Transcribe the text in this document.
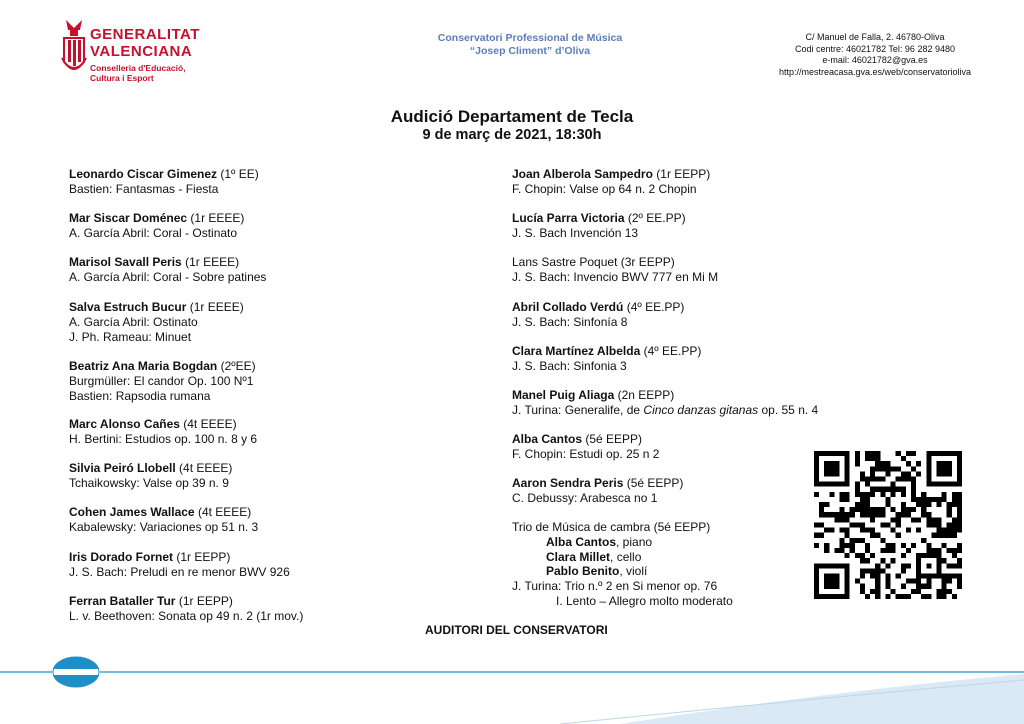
GENERALITAT
VALENCIANA
Conselleria d'Educació,
Cultura i Esport
Conservatori Professional de Música
“Josep Climent” d’Oliva
C/ Manuel de Falla, 2. 46780-Oliva
Codi centre: 46021782 Tel: 96 282 9480
e-mail: 46021782@gva.es
http://mestreacasa.gva.es/web/conservatorioliva
Audició Departament de Tecla
9 de març de 2021, 18:30h
Leonardo Ciscar Gimenez (1º EE)
Bastien: Fantasmas - Fiesta
Mar Siscar Doménec (1r EEEE)
A. García Abril: Coral - Ostinato
Marisol Savall Peris (1r EEEE)
A. García Abril: Coral - Sobre patines
Salva Estruch Bucur (1r EEEE)
A. García Abril: Ostinato
J. Ph. Rameau: Minuet
Beatriz Ana Maria Bogdan (2ºEE)
Burgmüller: El candor Op. 100 Nº1
Bastien: Rapsodia rumana
Marc Alonso Cañes (4t EEEE)
H. Bertini: Estudios op. 100 n. 8 y 6
Silvia Peiró Llobell (4t EEEE)
Tchaikowsky: Valse op 39 n. 9
Cohen James Wallace (4t EEEE)
Kabalewsky: Variaciones op 51 n. 3
Iris Dorado Fornet (1r EEPP)
J. S. Bach: Preludi en re menor BWV 926
Ferran Bataller Tur (1r EEPP)
L. v. Beethoven: Sonata op 49 n. 2 (1r mov.)
Joan Alberola Sampedro (1r EEPP)
F. Chopin: Valse op 64 n. 2 Chopin
Lucía Parra Victoria (2º EE.PP)
J. S. Bach Invención 13
Lans Sastre Poquet (3r EEPP)
J. S. Bach: Invencio BWV 777 en Mi M
Abril Collado Verdú (4º EE.PP)
J. S. Bach: Sinfonía 8
Clara Martínez Albelda (4º EE.PP)
J. S. Bach: Sinfonia 3
Manel Puig Aliaga (2n EEPP)
J. Turina: Generalife, de Cinco danzas gitanas op. 55 n. 4
Alba Cantos (5é EEPP)
F. Chopin: Estudi op. 25 n 2
Aaron Sendra Peris (5é EEPP)
C. Debussy: Arabesca no 1
Trio de Música de cambra (5é EEPP)
Alba Cantos, piano
Clara Millet, cello
Pablo Benito, violí
J. Turina: Trio n.º 2 en Si menor op. 76
I. Lento – Allegro molto moderato
AUDITORI DEL CONSERVATORI
